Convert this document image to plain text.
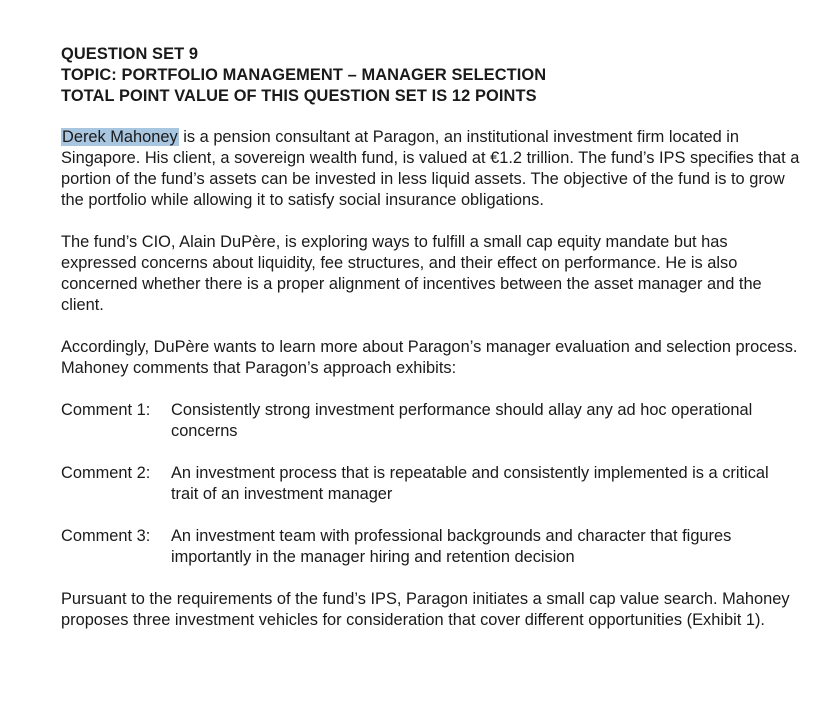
QUESTION SET 9
TOPIC: PORTFOLIO MANAGEMENT – MANAGER SELECTION
TOTAL POINT VALUE OF THIS QUESTION SET IS 12 POINTS

Derek Mahoney is a pension consultant at Paragon, an institutional investment firm located in Singapore. His client, a sovereign wealth fund, is valued at €1.2 trillion. The fund’s IPS specifies that a portion of the fund’s assets can be invested in less liquid assets. The objective of the fund is to grow the portfolio while allowing it to satisfy social insurance obligations.

The fund’s CIO, Alain DuPère, is exploring ways to fulfill a small cap equity mandate but has expressed concerns about liquidity, fee structures, and their effect on performance. He is also concerned whether there is a proper alignment of incentives between the asset manager and the client.

Accordingly, DuPère wants to learn more about Paragon’s manager evaluation and selection process. Mahoney comments that Paragon’s approach exhibits:

Comment 1:	Consistently strong investment performance should allay any ad hoc operational concerns
Comment 2:	An investment process that is repeatable and consistently implemented is a critical trait of an investment manager
Comment 3:	An investment team with professional backgrounds and character that figures importantly in the manager hiring and retention decision

Pursuant to the requirements of the fund’s IPS, Paragon initiates a small cap value search. Mahoney proposes three investment vehicles for consideration that cover different opportunities (Exhibit 1).
